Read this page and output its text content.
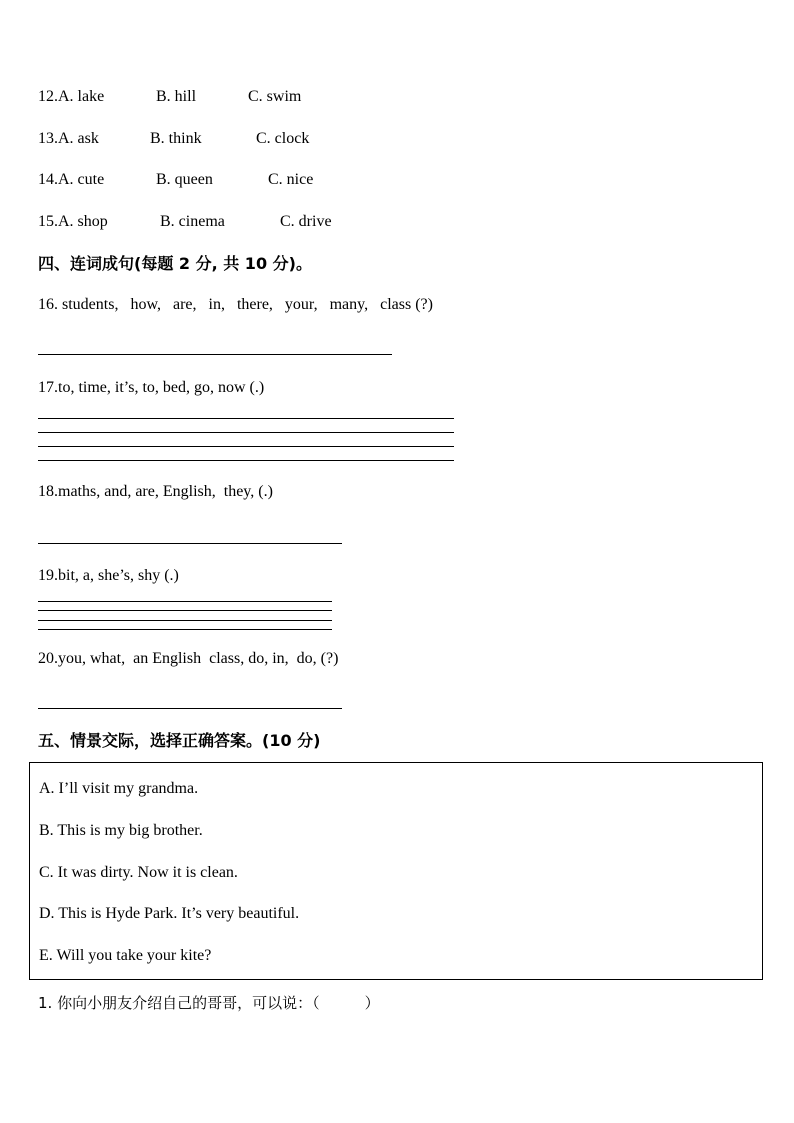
12.A. lake	B. hill	C. swim
13.A. ask	B. think	C. clock
14.A. cute	B. queen	C. nice
15.A. shop	B. cinema	C. drive
四、连词成句(每题 2 分, 共 10 分)。
16. students,   how,   are,   in,   there,   your,   many,   class (?)
17.to, time, it’s, to, bed, go, now (.)
18.maths, and, are, English,  they, (.)
19.bit, a, she’s, shy (.)
20.you, what,  an English  class, do, in,  do, (?)
五、情景交际，选择正确答案。(10 分)
A. I’ll visit my grandma.
B. This is my big brother.
C. It was dirty. Now it is clean.
D. This is Hyde Park. It’s very beautiful.
E. Will you take your kite?
1. 你向小朋友介绍自己的哥哥，可以说：（　　　）
